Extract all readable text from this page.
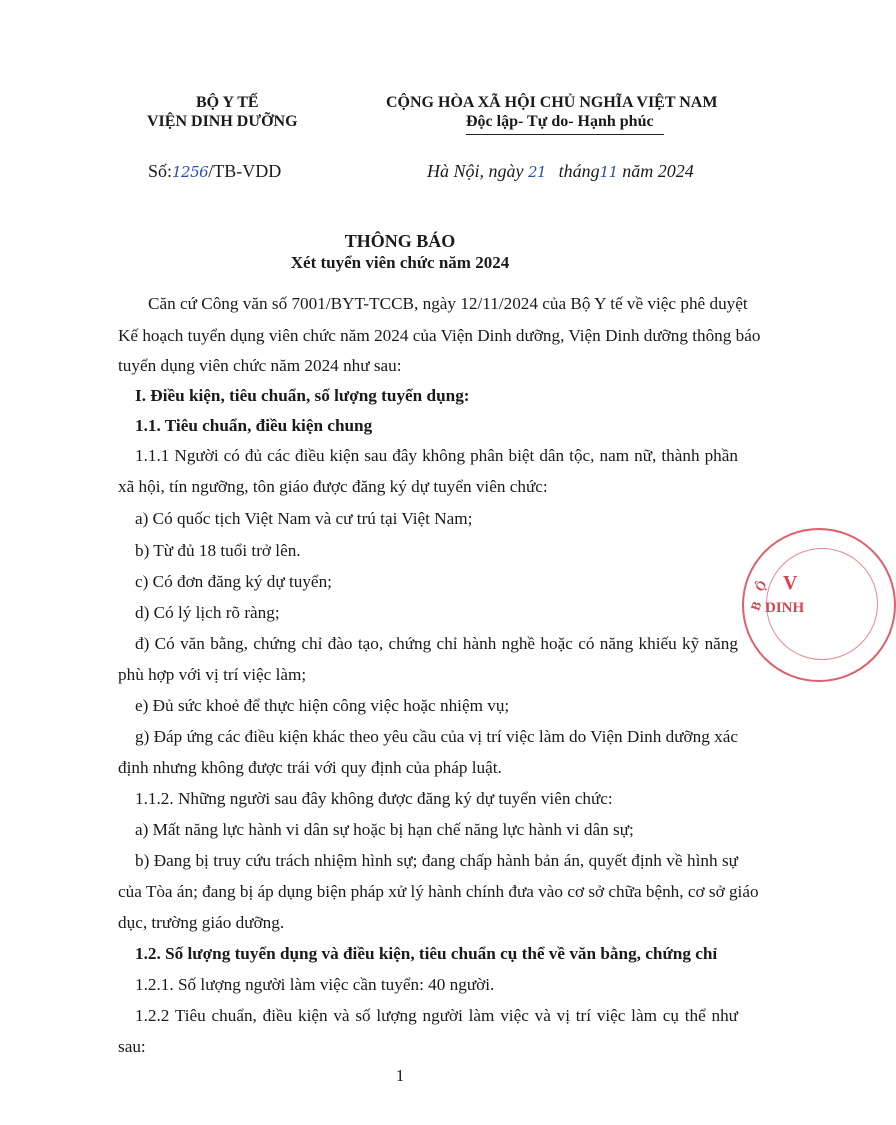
BỘ Y TẾ
VIỆN DINH DƯỠNG
CỘNG HÒA XÃ HỘI CHỦ NGHĨA VIỆT NAM
Độc lập- Tự do- Hạnh phúc
Số:1256/TB-VDD	Hà Nội, ngày 21 tháng11 năm 2024
THÔNG BÁO
Xét tuyển viên chức năm 2024
Căn cứ Công văn số 7001/BYT-TCCB, ngày 12/11/2024 của Bộ Y tế về việc phê duyệt
Kế hoạch tuyển dụng viên chức năm 2024 của Viện Dinh dưỡng, Viện Dinh dưỡng thông báo
tuyển dụng viên chức năm 2024 như sau:
I. Điều kiện, tiêu chuẩn, số lượng tuyển dụng:
1.1. Tiêu chuẩn, điều kiện chung
1.1.1 Người có đủ các điều kiện sau đây không phân biệt dân tộc, nam nữ, thành phần
xã hội, tín ngưỡng, tôn giáo được đăng ký dự tuyển viên chức:
a) Có quốc tịch Việt Nam và cư trú tại Việt Nam;
b) Từ đủ 18 tuổi trở lên.
c) Có đơn đăng ký dự tuyển;
d) Có lý lịch rõ ràng;
đ) Có văn bằng, chứng chỉ đào tạo, chứng chỉ hành nghề hoặc có năng khiếu kỹ năng
phù hợp với vị trí việc làm;
e) Đủ sức khoẻ để thực hiện công việc hoặc nhiệm vụ;
g) Đáp ứng các điều kiện khác theo yêu cầu của vị trí việc làm do Viện Dinh dưỡng xác
định nhưng không được trái với quy định của pháp luật.
1.1.2. Những người sau đây không được đăng ký dự tuyển viên chức:
a) Mất năng lực hành vi dân sự hoặc bị hạn chế năng lực hành vi dân sự;
b) Đang bị truy cứu trách nhiệm hình sự; đang chấp hành bản án, quyết định về hình sự
của Tòa án; đang bị áp dụng biện pháp xử lý hành chính đưa vào cơ sở chữa bệnh, cơ sở giáo
dục, trường giáo dưỡng.
1.2. Số lượng tuyển dụng và điều kiện, tiêu chuẩn cụ thể về văn bằng, chứng chỉ
1.2.1. Số lượng người làm việc cần tuyển: 40 người.
1.2.2 Tiêu chuẩn, điều kiện và số lượng người làm việc và vị trí việc làm cụ thể như
sau:
1
V
B
Ộ
DINH
